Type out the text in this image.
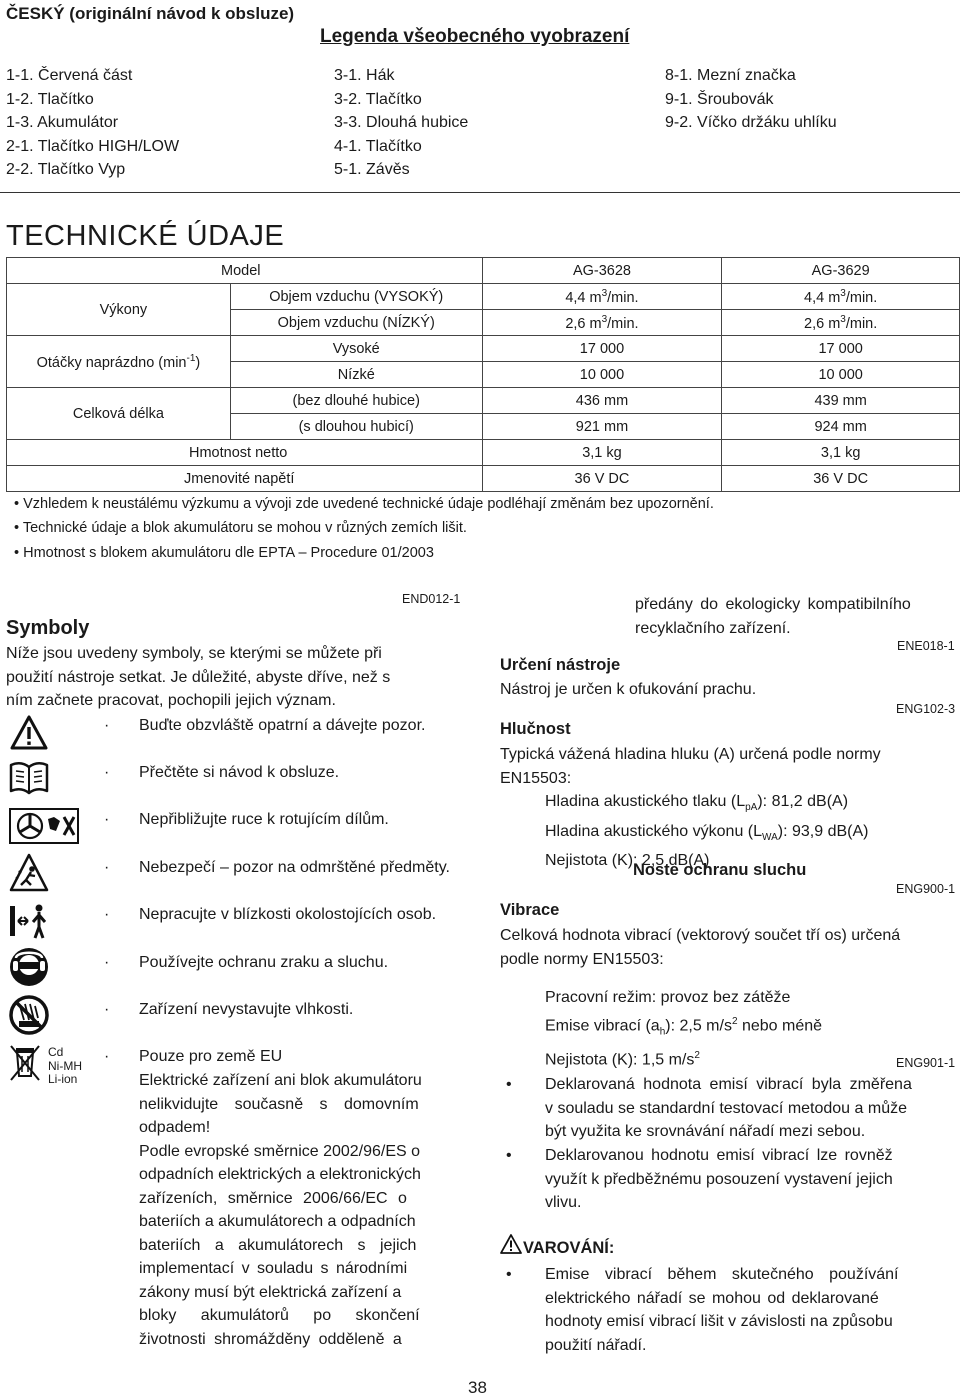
ČESKÝ (originální návod k obsluze)
Legenda všeobecného vyobrazení
1-1. Červená část
1-2. Tlačítko
1-3. Akumulátor
2-1. Tlačítko HIGH/LOW
2-2. Tlačítko Vyp
3-1. Hák
3-2. Tlačítko
3-3. Dlouhá hubice
4-1. Tlačítko
5-1. Závěs
8-1. Mezní značka
9-1. Šroubovák
9-2. Víčko držáku uhlíku
TECHNICKÉ ÚDAJE
Model		AG-3628	AG-3629
Výkony	Objem vzduchu (VYSOKÝ)	4,4 $m^3/\min$.	4,4 $m^3/\min$.
	Objem vzduchu (NÍZKÝ)	2,6 $m^3/\min$.	2,6 $m^3/\min$.
Otáčky naprázdno $(\min^{-1})$	Vysoké	17 000	17 000
	Nízké	10 000	10 000
Celková délka	(bez dlouhé hubice)	436 mm	439 mm
	(s dlouhou hubicí)	921 mm	924 mm
Hmotnost netto		3,1 kg	3,1 kg
Jmenovité napětí		36 V DC	36 V DC
• Vzhledem k neustálému výzkumu a vývoji zde uvedené technické údaje podléhají změnám bez upozornění.
• Technické údaje a blok akumulátoru se mohou v různých zemích lišit.
• Hmotnost s blokem akumulátoru dle EPTA – Procedure 01/2003
END012-1
Symboly
Níže jsou uvedeny symboly, se kterými se můžete při
použití nástroje setkat. Je důležité, abyste dříve, než s
ním začnete pracovat, pochopili jejich význam.
Cd
Ni-MH
Li-ion
· Buďte obzvláště opatrní a dávejte pozor.
· Přečtěte si návod k obsluze.
· Nepřibližujte ruce k rotujícím dílům.
· Nebezpečí – pozor na odmrštěné předměty.
· Nepracujte v blízkosti okolostojících osob.
· Používejte ochranu zraku a sluchu.
· Zařízení nevystavujte vlhkosti.
· Pouze pro země EU
Elektrické zařízení ani blok akumulátoru
nelikvidujte současně s domovním
odpadem!
Podle evropské směrnice 2002/96/ES o
odpadních elektrických a elektronických
zařízeních, směrnice 2006/66/EC o
bateriích a akumulátorech a odpadních
bateriích a akumulátorech s jejich
implementací v souladu s národními
zákony musí být elektrická zařízení a
bloky akumulátorů po skončení
životnosti shromážděny odděleně a
předány do ekologicky kompatibilního
recyklačního zařízení.
ENE018-1
Určení nástroje
Nástroj je určen k ofukování prachu.
ENG102-3
Hlučnost
Typická vážená hladina hluku (A) určená podle normy
EN15503:
Hladina akustického tlaku $(L_{pA})$: 81,2 dB(A)
Hladina akustického výkonu $(L_{WA})$: 93,9 dB(A)
Nejistota (K): 2,5 dB(A)
Noste ochranu sluchu
ENG900-1
Vibrace
Celková hodnota vibrací (vektorový součet tří os) určená
podle normy EN15503:
Pracovní režim: provoz bez zátěže
Emise vibrací $(a_h)$: 2,5 $m/s^2$ nebo méně
Nejistota (K): 1,5 $m/s^2$
ENG901-1
• Deklarovaná hodnota emisí vibrací byla změřena
v souladu se standardní testovací metodou a může
být využita ke srovnávání nářadí mezi sebou.
• Deklarovanou hodnotu emisí vibrací lze rovněž
využít k předběžnému posouzení vystavení jejich
vlivu.
VAROVÁNÍ:
• Emise vibrací během skutečného používání
elektrického nářadí se mohou od deklarované
hodnoty emisí vibrací lišit v závislosti na způsobu
použití nářadí.
38
